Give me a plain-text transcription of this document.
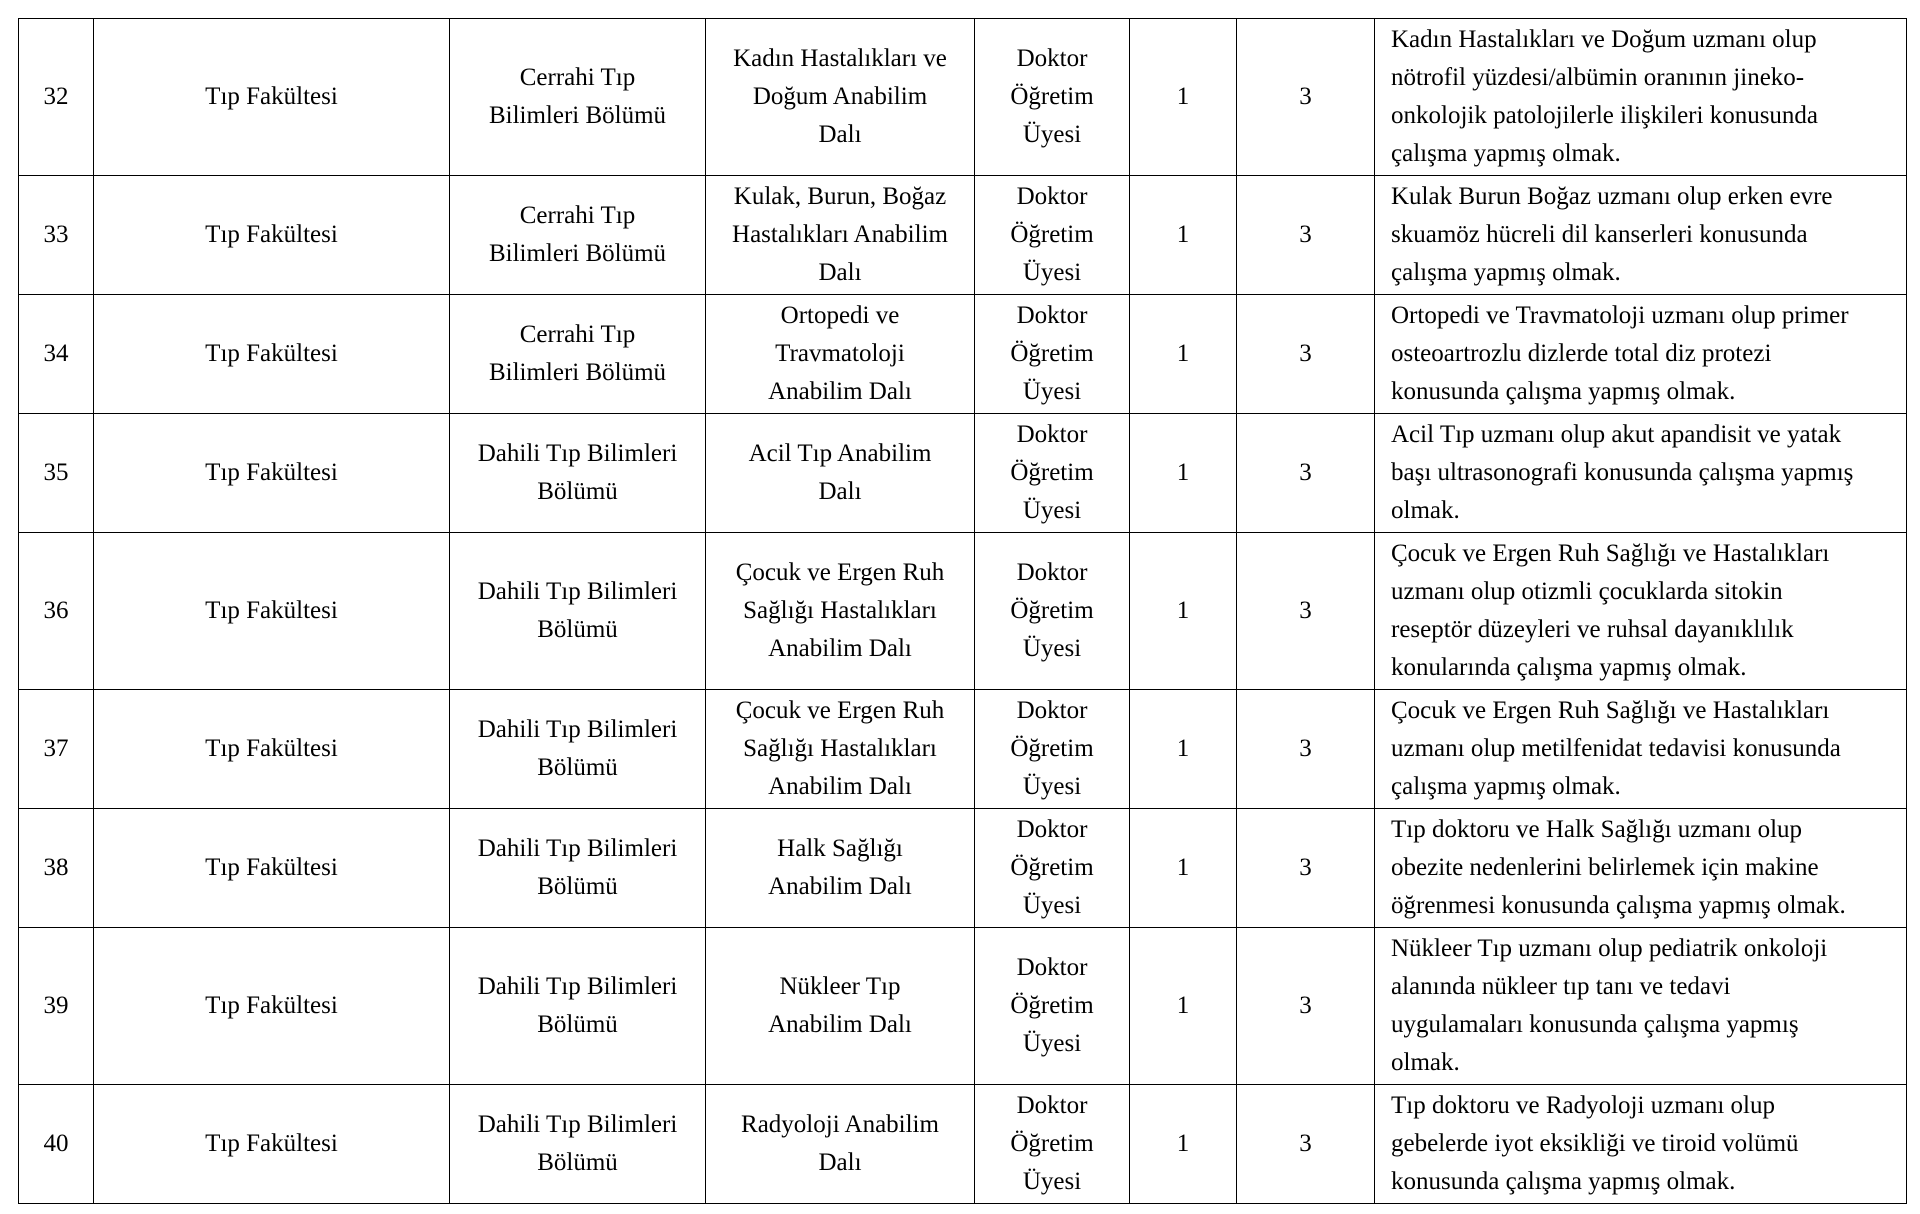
32	Tıp Fakültesi	Cerrahi Tıp
Bilimleri Bölümü	Kadın Hastalıkları ve
Doğum Anabilim
Dalı	Doktor
Öğretim
Üyesi	1	3	Kadın Hastalıkları ve Doğum uzmanı olup
nötrofil yüzdesi/albümin oranının jineko-
onkolojik patolojilerle ilişkileri konusunda
çalışma yapmış olmak.
33	Tıp Fakültesi	Cerrahi Tıp
Bilimleri Bölümü	Kulak, Burun, Boğaz
Hastalıkları Anabilim
Dalı	Doktor
Öğretim
Üyesi	1	3	Kulak Burun Boğaz uzmanı olup erken evre
skuamöz hücreli dil kanserleri konusunda
çalışma yapmış olmak.
34	Tıp Fakültesi	Cerrahi Tıp
Bilimleri Bölümü	Ortopedi ve
Travmatoloji
Anabilim Dalı	Doktor
Öğretim
Üyesi	1	3	Ortopedi ve Travmatoloji uzmanı olup primer
osteoartrozlu dizlerde total diz protezi
konusunda çalışma yapmış olmak.
35	Tıp Fakültesi	Dahili Tıp Bilimleri
Bölümü	Acil Tıp Anabilim
Dalı	Doktor
Öğretim
Üyesi	1	3	Acil Tıp uzmanı olup akut apandisit ve yatak
başı ultrasonografi konusunda çalışma yapmış
olmak.
36	Tıp Fakültesi	Dahili Tıp Bilimleri
Bölümü	Çocuk ve Ergen Ruh
Sağlığı Hastalıkları
Anabilim Dalı	Doktor
Öğretim
Üyesi	1	3	Çocuk ve Ergen Ruh Sağlığı ve Hastalıkları
uzmanı olup otizmli çocuklarda sitokin
reseptör düzeyleri ve ruhsal dayanıklılık
konularında çalışma yapmış olmak.
37	Tıp Fakültesi	Dahili Tıp Bilimleri
Bölümü	Çocuk ve Ergen Ruh
Sağlığı Hastalıkları
Anabilim Dalı	Doktor
Öğretim
Üyesi	1	3	Çocuk ve Ergen Ruh Sağlığı ve Hastalıkları
uzmanı olup metilfenidat tedavisi konusunda
çalışma yapmış olmak.
38	Tıp Fakültesi	Dahili Tıp Bilimleri
Bölümü	Halk Sağlığı
Anabilim Dalı	Doktor
Öğretim
Üyesi	1	3	Tıp doktoru ve Halk Sağlığı uzmanı olup
obezite nedenlerini belirlemek için makine
öğrenmesi konusunda çalışma yapmış olmak.
39	Tıp Fakültesi	Dahili Tıp Bilimleri
Bölümü	Nükleer Tıp
Anabilim Dalı	Doktor
Öğretim
Üyesi	1	3	Nükleer Tıp uzmanı olup pediatrik onkoloji
alanında nükleer tıp tanı ve tedavi
uygulamaları konusunda çalışma yapmış
olmak.
40	Tıp Fakültesi	Dahili Tıp Bilimleri
Bölümü	Radyoloji Anabilim
Dalı	Doktor
Öğretim
Üyesi	1	3	Tıp doktoru ve Radyoloji uzmanı olup
gebelerde iyot eksikliği ve tiroid volümü
konusunda çalışma yapmış olmak.
